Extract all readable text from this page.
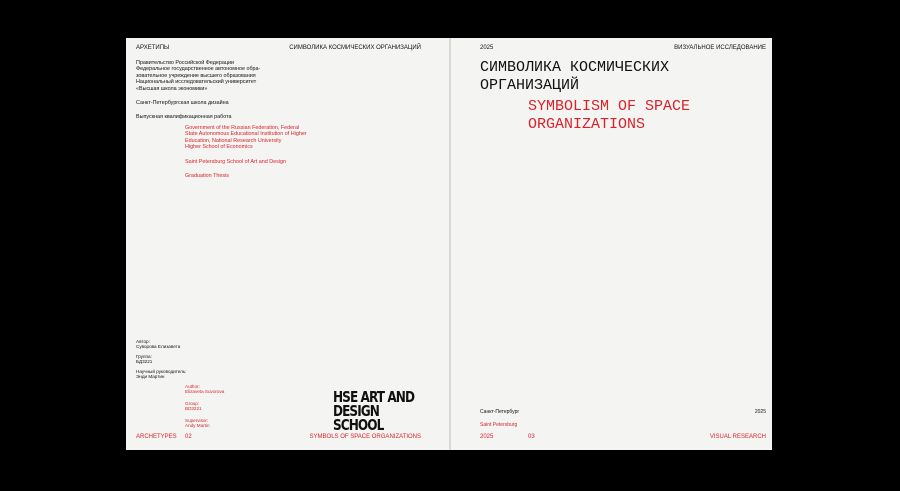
АРХЕТИПЫ	СИМВОЛИКА КОСМИЧЕСКИХ ОРГАНИЗАЦИЙ

Правительство Российской Федерации
Федеральное государственное автономное обра-
зовательное учреждение высшего образования
Национальный исследовательский университет
«Высшая школа экономики»

Санкт-Петербургская школа дизайна

Выпускная квалификационная работа

Government of the Russian Federation, Federal
State Autonomous Educational Institution of Higher
Education, National Research University
Higher School of Economics

Saint Petersburg School of Art and Design

Graduation Thesis

Автор:
Суворова Елизавета

Группа:
БД3221

Научный руководитель:
Энди Мартин

Author:
Elizaveta Suvorova

Group:
BD3221

Supervisor:
Andy Martin

HSE ART AND
DESIGN SCHOOL

ARCHETYPES 02	SYMBOLS OF SPACE ORGANIZATIONS

2025	ВИЗУАЛЬНОЕ ИССЛЕДОВАНИЕ

СИМВОЛИКА КОСМИЧЕСКИХ
ОРГАНИЗАЦИЙ

SYMBOLISM OF SPACE
ORGANIZATIONS

Санкт-Петербург	2025

Saint Petersburg

2025	03	VISUAL RESEARCH
